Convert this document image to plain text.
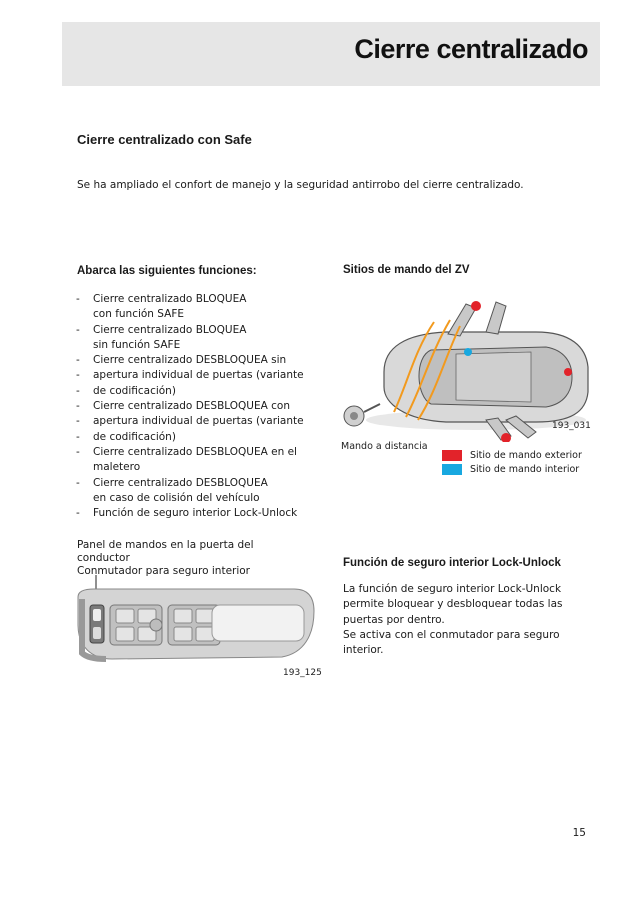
Cierre centralizado
Cierre centralizado con Safe
Se ha ampliado el confort de manejo y la seguridad antirrobo del cierre centralizado.
Abarca las siguientes funciones:
-	Cierre centralizado BLOQUEA
con función SAFE
-	Cierre centralizado BLOQUEA
sin función SAFE
-	Cierre centralizado DESBLOQUEA sin
-	apertura individual de puertas (variante
-	de codificación)
-	Cierre centralizado DESBLOQUEA con
-	apertura individual de puertas (variante
-	de codificación)
-	Cierre centralizado DESBLOQUEA en el
maletero
-	Cierre centralizado DESBLOQUEA
en caso de colisión del vehículo
-	Función de seguro interior Lock-Unlock
Sitios de mando del ZV
193_031
Mando a distancia
Sitio de mando exterior
Sitio de mando interior
Panel de mandos en la puerta del
conductor
Conmutador para seguro interior
193_125
Función de seguro interior Lock-Unlock
La función de seguro interior Lock-Unlock
permite bloquear y desbloquear todas las
puertas por dentro.
Se activa con el conmutador para seguro
interior.
15
